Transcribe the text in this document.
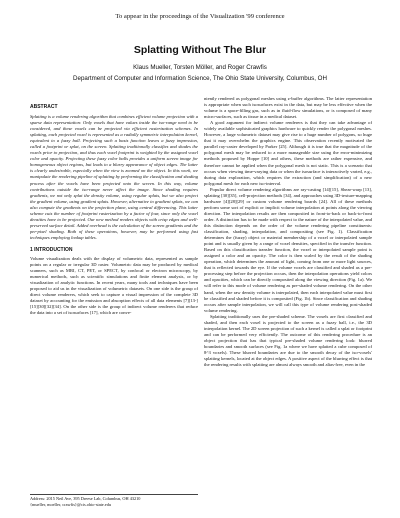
To appear in the proceedings of the Visualization '99 conference
Splatting Without The Blur
Klaus Mueller, Torsten Möller, and Roger Crawfis
Department of Computer and Information Science, The Ohio State University, Columbus, OH
ABSTRACT
Splatting is a volume rendering algorithm that combines efficient volume projection with a sparse data representation: Only voxels that have values inside the iso-range need to be considered, and these voxels can be projected via efficient rasterization schemes. In splatting, each projected voxel is represented as a radially symmetric interpolation kernel, equivalent to a fuzzy ball. Projecting such a basis function leaves a fuzzy impression, called a footprint or splat, on the screen. Splatting traditionally classifies and shades the voxels prior to projection, and thus each voxel footprint is weighted by the assigned voxel color and opacity. Projecting these fuzzy color balls provides a uniform screen image for homogeneous object regions, but leads to a blurry appearance of object edges. The latter is clearly undesirable, especially when the view is zoomed on the object. In this work, we manipulate the rendering pipeline of splatting by performing the classification and shading process after the voxels have been projected onto the screen. In this way, volume contributions outside the iso-range never affect the image. Since shading requires gradients, we not only splat the density volume, using regular splats, but we also project the gradient volume, using gradient splats. However, alternative to gradient splats, we can also compute the gradients on the projection plane, using central differencing. This latter scheme cuts the number of footprint rasterization by a factor of four, since only the voxel densities have to be projected. Our new method renders objects with crisp edges and well-preserved surface detail. Added overhead is the calculation of the screen gradients and the per-pixel shading. Both of these operations, however, may be performed using fast techniques employing lookup tables.
1 INTRODUCTION

Volume visualization deals with the display of volumetric data, represented as sample points on a regular or irregular 3D raster. Volumetric data may be produced by medical scanners, such as MRI, CT, PET, or SPECT, by confocal or electron microscopy, by numerical methods, such as scientific simulations and finite element analysis, or by visualization of analytic functions. In recent years, many tools and techniques have been proposed to aid us in the visualization of volumetric datasets. On one side is the group of direct volume renderers, which seek to capture a visual impression of the complete 3D dataset by accounting for the emission and absorption effects of all data elements [7][13-][15][30][32][34]. On the other side is the group of indirect volume renderers that reduce the data into a set of isosurfaces [17], which are conve-

Address: 2015 Neil Ave, 395 Dreese Lab, Columbus, OH 43210
{mueller, moeller, crawfis}@cis.ohio-state.edu

niently rendered as polygonal meshes using z-buffer algorithms. The latter representation is appropriate when such isosurfaces exist in the data, but may be less effective when the volume is a space-filling gas, such as in fluid-flow simulations, or is composed of many micro-surfaces, such as tissue in a medical dataset.

A good argument for indirect volume renderers is that they can take advantage of widely available sophisticated graphics hardware to quickly render the polygonal meshes. However, a large volumetric dataset may give rise to a huge number of polygons, so huge that it may overwhelm the graphics engine. This observation recently motivated the parallel ray-caster developed by Parker [25]. Although it is true that the magnitude of the polygonal mesh may be reduced to a more manageable size using the error-minimizing methods proposed by Hoppe [10] and others, these methods are rather expensive, and therefore cannot be applied when the polygonal mesh is not static. This is a scenario that occurs when viewing time-varying data or when the isosurface is interactively varied, e.g., during data exploration, which requires the extraction (and simplification) of a new polygonal mesh for each new iso-interval.

Popular direct volume rendering algorithms are ray-casting [14][15], Shear-warp [13], splatting [30][35], cell-projection methods [34], and approaches using 3D-texture-mapping hardware [4][28][29] or custom volume rendering boards [24]. All of these methods perform some sort of explicit or implicit volume interpolation at points along the viewing direction. The interpolation results are then composited in front-to-back or back-to-front order. A distinction has to be made with respect to the nature of the interpolated value, and this distinction depends on the order of the volume rendering pipeline constituents: classification, shading, interpolation, and compositing (see Fig. 1). Classification determines the (fuzzy) object or material membership of a voxel or interpolated sample point and is usually given by a range of voxel densities, specified in the transfer function. Based on this classification transfer function, the voxel or interpolated sample point is assigned a color and an opacity. The color is then scaled by the result of the shading operation, which determines the amount of light, coming from one or more light sources, that is reflected towards the eye. If the volume voxels are classified and shaded as a pre-processing step before the projection occurs, then the interpolation operations yield colors and opacities, which can be directly composited along the viewing direction (Fig. 1a). We will refer to this mode of volume rendering as pre-shaded volume rendering. On the other hand, when the raw density volume is interpolated, then each interpolated value must first be classified and shaded before it is composited (Fig. 1b). Since classification and shading occurs after sample interpolation, we will call this type of volume rendering post-shaded volume rendering.

Splatting traditionally uses the pre-shaded scheme. The voxels are first classified and shaded, and then each voxel is projected to the screen as a fuzzy ball, i.e., the 3D interpolation kernel. The 2D screen projection of such a kernel is called a splat or footprint and can be performed very efficiently. The outcome of this rendering procedure is an object projection that has that typical pre-shaded volume rendering look: blurred boundaries and smooth surfaces (see Fig. 1a where we have splatted a cube composed of 8^3 voxels). These blurred boundaries are due to the smooth decay of the iso-voxels' splatting kernels, located at the object edges. A positive aspect of the blurring effect is that the rendering results with splatting are almost always smooth and alias-free, even in the
